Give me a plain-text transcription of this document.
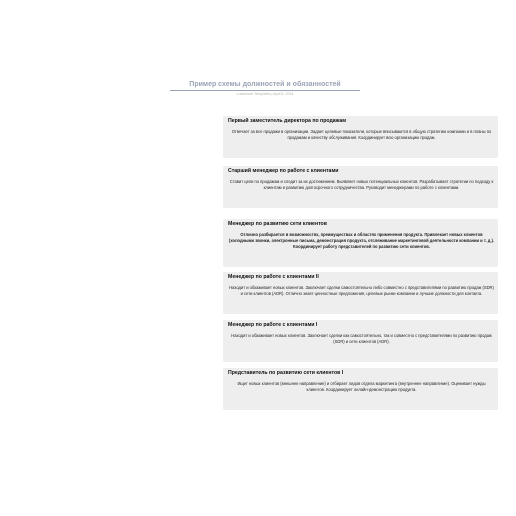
Пример схемы должностей и обязанностей
Lucidchart Templates | April 5, 2024
Первый заместитель директора по продажам
Отвечает за все продажи в организации. Задает целевые показатели, которые вписываются в общую стратегию компании и в планы по продажам и качеству обслуживания. Координирует всю организацию продаж.
Старший менеджер по работе с клиентами
Ставит цели по продажам и следит за их достижением. Выявляет новых потенциальных клиентов. Разрабатывает стратегии по подходу к клиентам и развитию долгосрочного сотрудничества. Руководит менеджерами по работе с клиентами.
Менеджер по развитию сети клиентов
Отлично разбирается в возможностях, преимуществах и областях применения продукта. Привлекает новых клиентов (холодными звонки, электронные письма, демонстрация продукта, отслеживание маркетинговой деятельности компании и т. д.). Координирует работу представителей по развитию сети клиентов.
Менеджер по работе с клиентами II
Находит и обхаживает новых клиентов. Заключает сделки самостоятельно либо совместно с представителями по развитию продаж (SDR) и сети клиентов (ADR). Отлично знает ценностные предложения, целевые рынки компании и лучшие должности для контакта.
Менеджер по работе с клиентами I
Находит и обхаживает новых клиентов. Заключает сделки как самостоятельно, так и совместно с представителями по развитию продаж (SDR) и сети клиентов (ADR).
Представитель по развитию сети клиентов I
Ищет новых клиентов (внешнее направление) и отбирает лидов отдела маркетинга (внутреннее направление). Оценивает нужды клиентов. Координирует онлайн-демонстрацию продукта.
